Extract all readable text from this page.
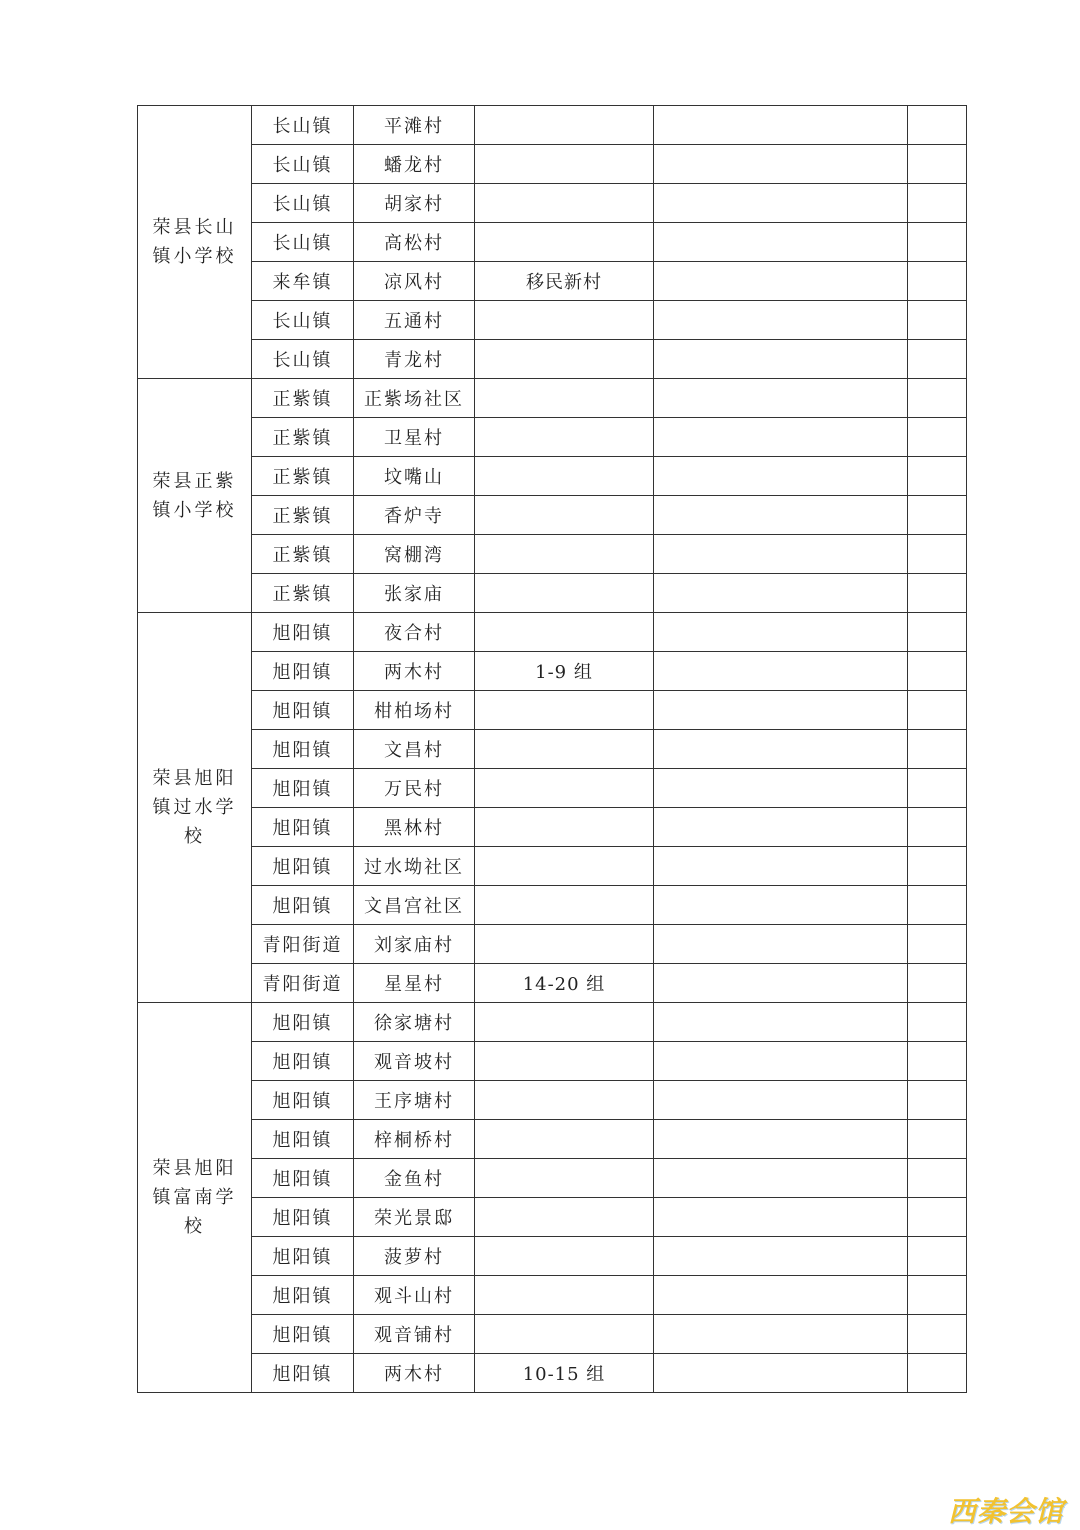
荣县长山镇小学校	长山镇	平滩村			
	长山镇	蟠龙村			
	长山镇	胡家村			
	长山镇	高松村			
	来牟镇	凉风村	移民新村		
	长山镇	五通村			
	长山镇	青龙村			
荣县正紫镇小学校	正紫镇	正紫场社区			
	正紫镇	卫星村			
	正紫镇	坟嘴山			
	正紫镇	香炉寺			
	正紫镇	窝棚湾			
	正紫镇	张家庙			
荣县旭阳镇过水学校	旭阳镇	夜合村			
	旭阳镇	两木村	1-9 组		
	旭阳镇	柑柏场村			
	旭阳镇	文昌村			
	旭阳镇	万民村			
	旭阳镇	黑林村			
	旭阳镇	过水坳社区			
	旭阳镇	文昌宫社区			
	青阳街道	刘家庙村			
	青阳街道	星星村	14-20 组		
荣县旭阳镇富南学校	旭阳镇	徐家塘村			
	旭阳镇	观音坡村			
	旭阳镇	王序塘村			
	旭阳镇	梓桐桥村			
	旭阳镇	金鱼村			
	旭阳镇	荣光景邸			
	旭阳镇	菠萝村			
	旭阳镇	观斗山村			
	旭阳镇	观音铺村			
	旭阳镇	两木村	10-15 组		
西秦会馆
